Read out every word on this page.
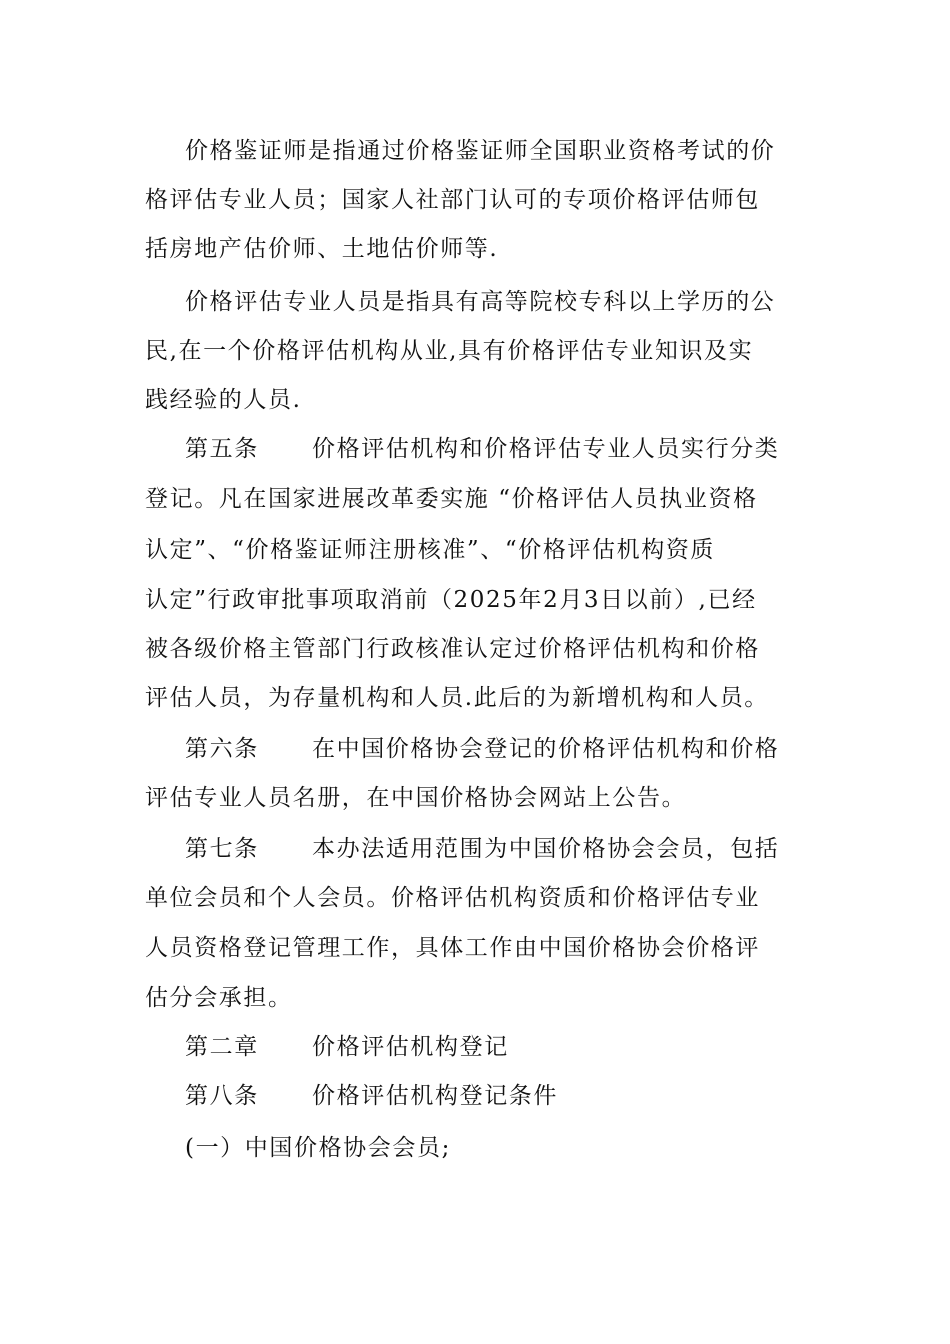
价格鉴证师是指通过价格鉴证师全国职业资格考试的价
格评估专业人员；国家人社部门认可的专项价格评估师包
括房地产估价师、土地估价师等.
价格评估专业人员是指具有高等院校专科以上学历的公
民,在一个价格评估机构从业,具有价格评估专业知识及实
践经验的人员.
第五条 价格评估机构和价格评估专业人员实行分类
登记。凡在国家进展改革委实施 “价格评估人员执业资格
认定”、“价格鉴证师注册核准”、“价格评估机构资质
认定”行政审批事项取消前（2025年2月3日以前）,已经
被各级价格主管部门行政核准认定过价格评估机构和价格
评估人员，为存量机构和人员.此后的为新增机构和人员。
第六条 在中国价格协会登记的价格评估机构和价格
评估专业人员名册，在中国价格协会网站上公告。
第七条 本办法适用范围为中国价格协会会员，包括
单位会员和个人会员。价格评估机构资质和价格评估专业
人员资格登记管理工作，具体工作由中国价格协会价格评
估分会承担。
第二章 价格评估机构登记
第八条 价格评估机构登记条件
(一）中国价格协会会员;
